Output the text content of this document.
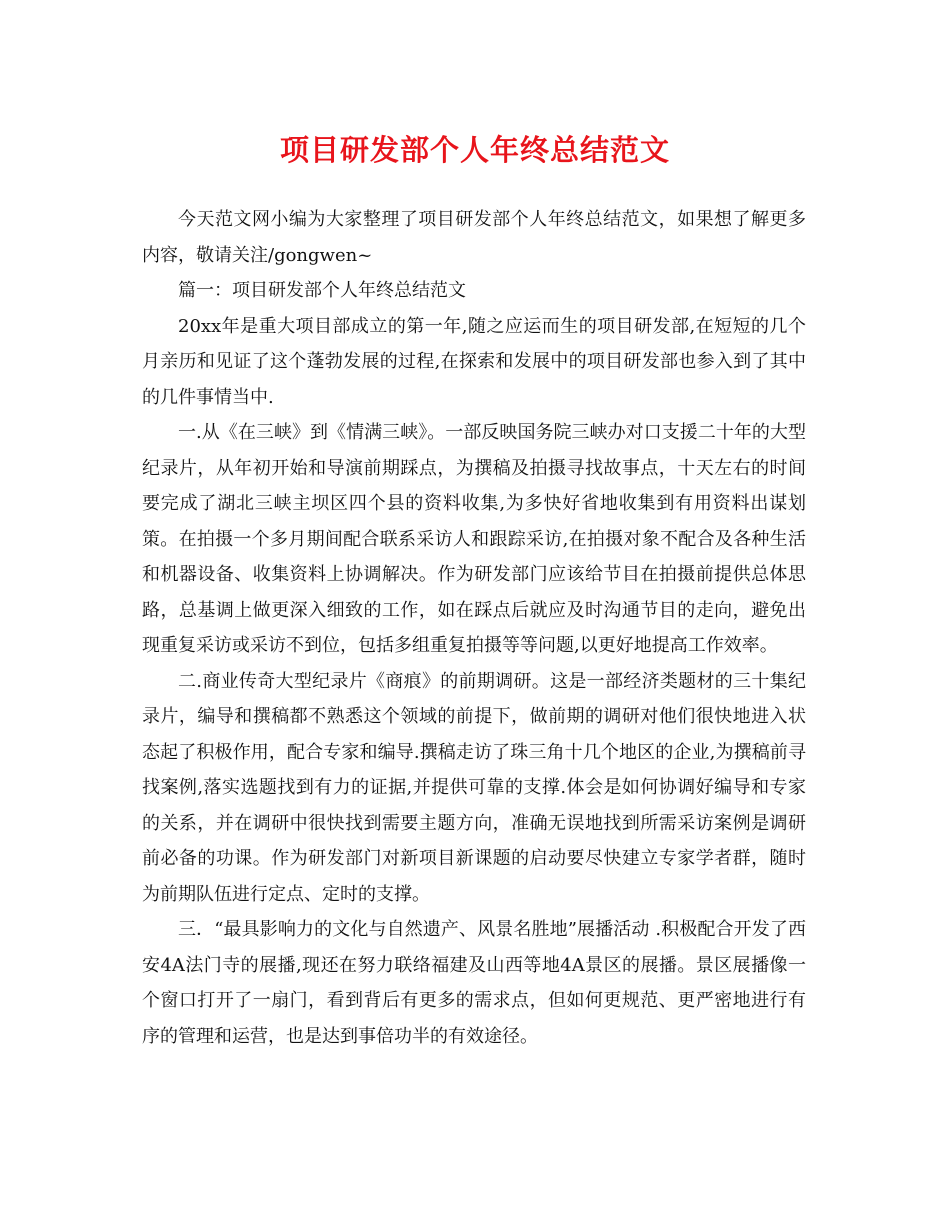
项目研发部个人年终总结范文

今天范文网小编为大家整理了项目研发部个人年终总结范文，如果想了解更多内容，敬请关注/gongwen~

篇一：项目研发部个人年终总结范文

20xx年是重大项目部成立的第一年,随之应运而生的项目研发部,在短短的几个月亲历和见证了这个蓬勃发展的过程,在探索和发展中的项目研发部也参入到了其中的几件事情当中.

一.从《在三峡》到《情满三峡》。一部反映国务院三峡办对口支援二十年的大型纪录片，从年初开始和导演前期踩点，为撰稿及拍摄寻找故事点，十天左右的时间要完成了湖北三峡主坝区四个县的资料收集,为多快好省地收集到有用资料出谋划策。在拍摄一个多月期间配合联系采访人和跟踪采访,在拍摄对象不配合及各种生活和机器设备、收集资料上协调解决。作为研发部门应该给节目在拍摄前提供总体思路，总基调上做更深入细致的工作，如在踩点后就应及时沟通节目的走向，避免出现重复采访或采访不到位，包括多组重复拍摄等等问题,以更好地提高工作效率。

二.商业传奇大型纪录片《商痕》的前期调研。这是一部经济类题材的三十集纪录片，编导和撰稿都不熟悉这个领域的前提下，做前期的调研对他们很快地进入状态起了积极作用，配合专家和编导.撰稿走访了珠三角十几个地区的企业,为撰稿前寻找案例,落实选题找到有力的证据,并提供可靠的支撑.体会是如何协调好编导和专家的关系，并在调研中很快找到需要主题方向，准确无误地找到所需采访案例是调研前必备的功课。作为研发部门对新项目新课题的启动要尽快建立专家学者群，随时为前期队伍进行定点、定时的支撑。

三．“最具影响力的文化与自然遗产、风景名胜地”展播活动 .积极配合开发了西安4A法门寺的展播,现还在努力联络福建及山西等地4A景区的展播。景区展播像一个窗口打开了一扇门，看到背后有更多的需求点，但如何更规范、更严密地进行有序的管理和运营，也是达到事倍功半的有效途径。
